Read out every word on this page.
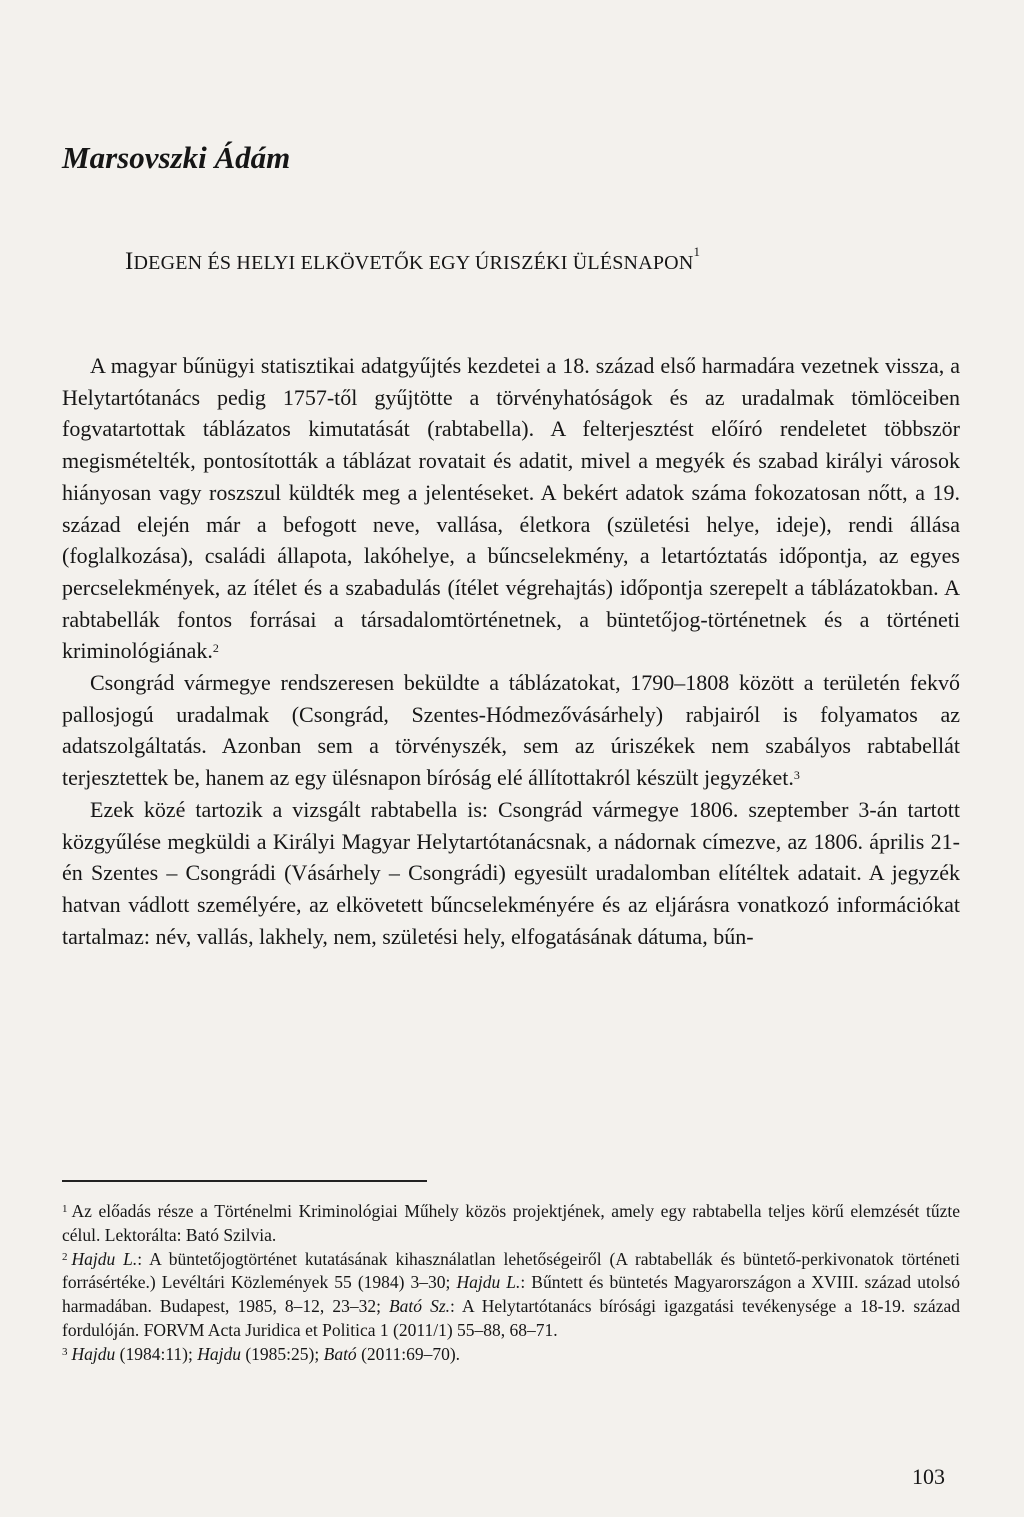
Marsovszki Ádám
IDEGEN ÉS HELYI ELKÖVETŐK EGY ÚRISZÉKI ÜLÉSNAPON$^1$

A magyar bűnügyi statisztikai adatgyűjtés kezdetei a 18. század első harmadára vezetnek vissza, a Helytartótanács pedig 1757-től gyűjtötte a törvényhatóságok és az uradalmak tömlöceiben fogvatartottak táblázatos kimutatását (rabtabella). A felterjesztést előíró rendeletet többször megismételték, pontosították a táblázat rovatait és adatit, mivel a megyék és szabad királyi városok hiányosan vagy roszszul küldték meg a jelentéseket. A bekért adatok száma fokozatosan nőtt, a 19. század elején már a befogott neve, vallása, életkora (születési helye, ideje), rendi állása (foglalkozása), családi állapota, lakóhelye, a bűncselekmény, a letartóztatás időpontja, az egyes percselekmények, az ítélet és a szabadulás (ítélet végrehajtás) időpontja szerepelt a táblázatokban. A rabtabellák fontos forrásai a társadalomtörténetnek, a büntetőjog-történetnek és a történeti kriminológiának.$^2$

Csongrád vármegye rendszeresen beküldte a táblázatokat, 1790–1808 között a területén fekvő pallosjogú uradalmak (Csongrád, Szentes-Hódmezővásárhely) rabjairól is folyamatos az adatszolgáltatás. Azonban sem a törvényszék, sem az úriszékek nem szabályos rabtabellát terjesztettek be, hanem az egy ülésnapon bíróság elé állítottakról készült jegyzéket.$^3$

Ezek közé tartozik a vizsgált rabtabella is: Csongrád vármegye 1806. szeptember 3-án tartott közgyűlése megküldi a Királyi Magyar Helytartótanácsnak, a nádornak címezve, az 1806. április 21-én Szentes – Csongrádi (Vásárhely – Csongrádi) egyesült uradalomban elítéltek adatait. A jegyzék hatvan vádlott személyére, az elkövetett bűncselekményére és az eljárásra vonatkozó információkat tartalmaz: név, vallás, lakhely, nem, születési hely, elfogatásának dátuma, bűn-

$^1$ Az előadás része a Történelmi Kriminológiai Műhely közös projektjének, amely egy rabtabella teljes körű elemzését tűzte célul. Lektorálta: Bató Szilvia.

$^2$ Hajdu L.: A büntetőjogtörténet kutatásának kihasználatlan lehetőségeiről (A rabtabellák és büntető-perkivonatok történeti forrásértéke.) Levéltári Közlemények 55 (1984) 3–30; Hajdu L.: Bűntett és büntetés Magyarországon a XVIII. század utolsó harmadában. Budapest, 1985, 8–12, 23–32; Bató Sz.: A Helytartótanács bírósági igazgatási tevékenysége a 18-19. század fordulóján. FORVM Acta Juridica et Politica 1 (2011/1) 55–88, 68–71.

$^3$ Hajdu (1984:11); Hajdu (1985:25); Bató (2011:69–70).

103
